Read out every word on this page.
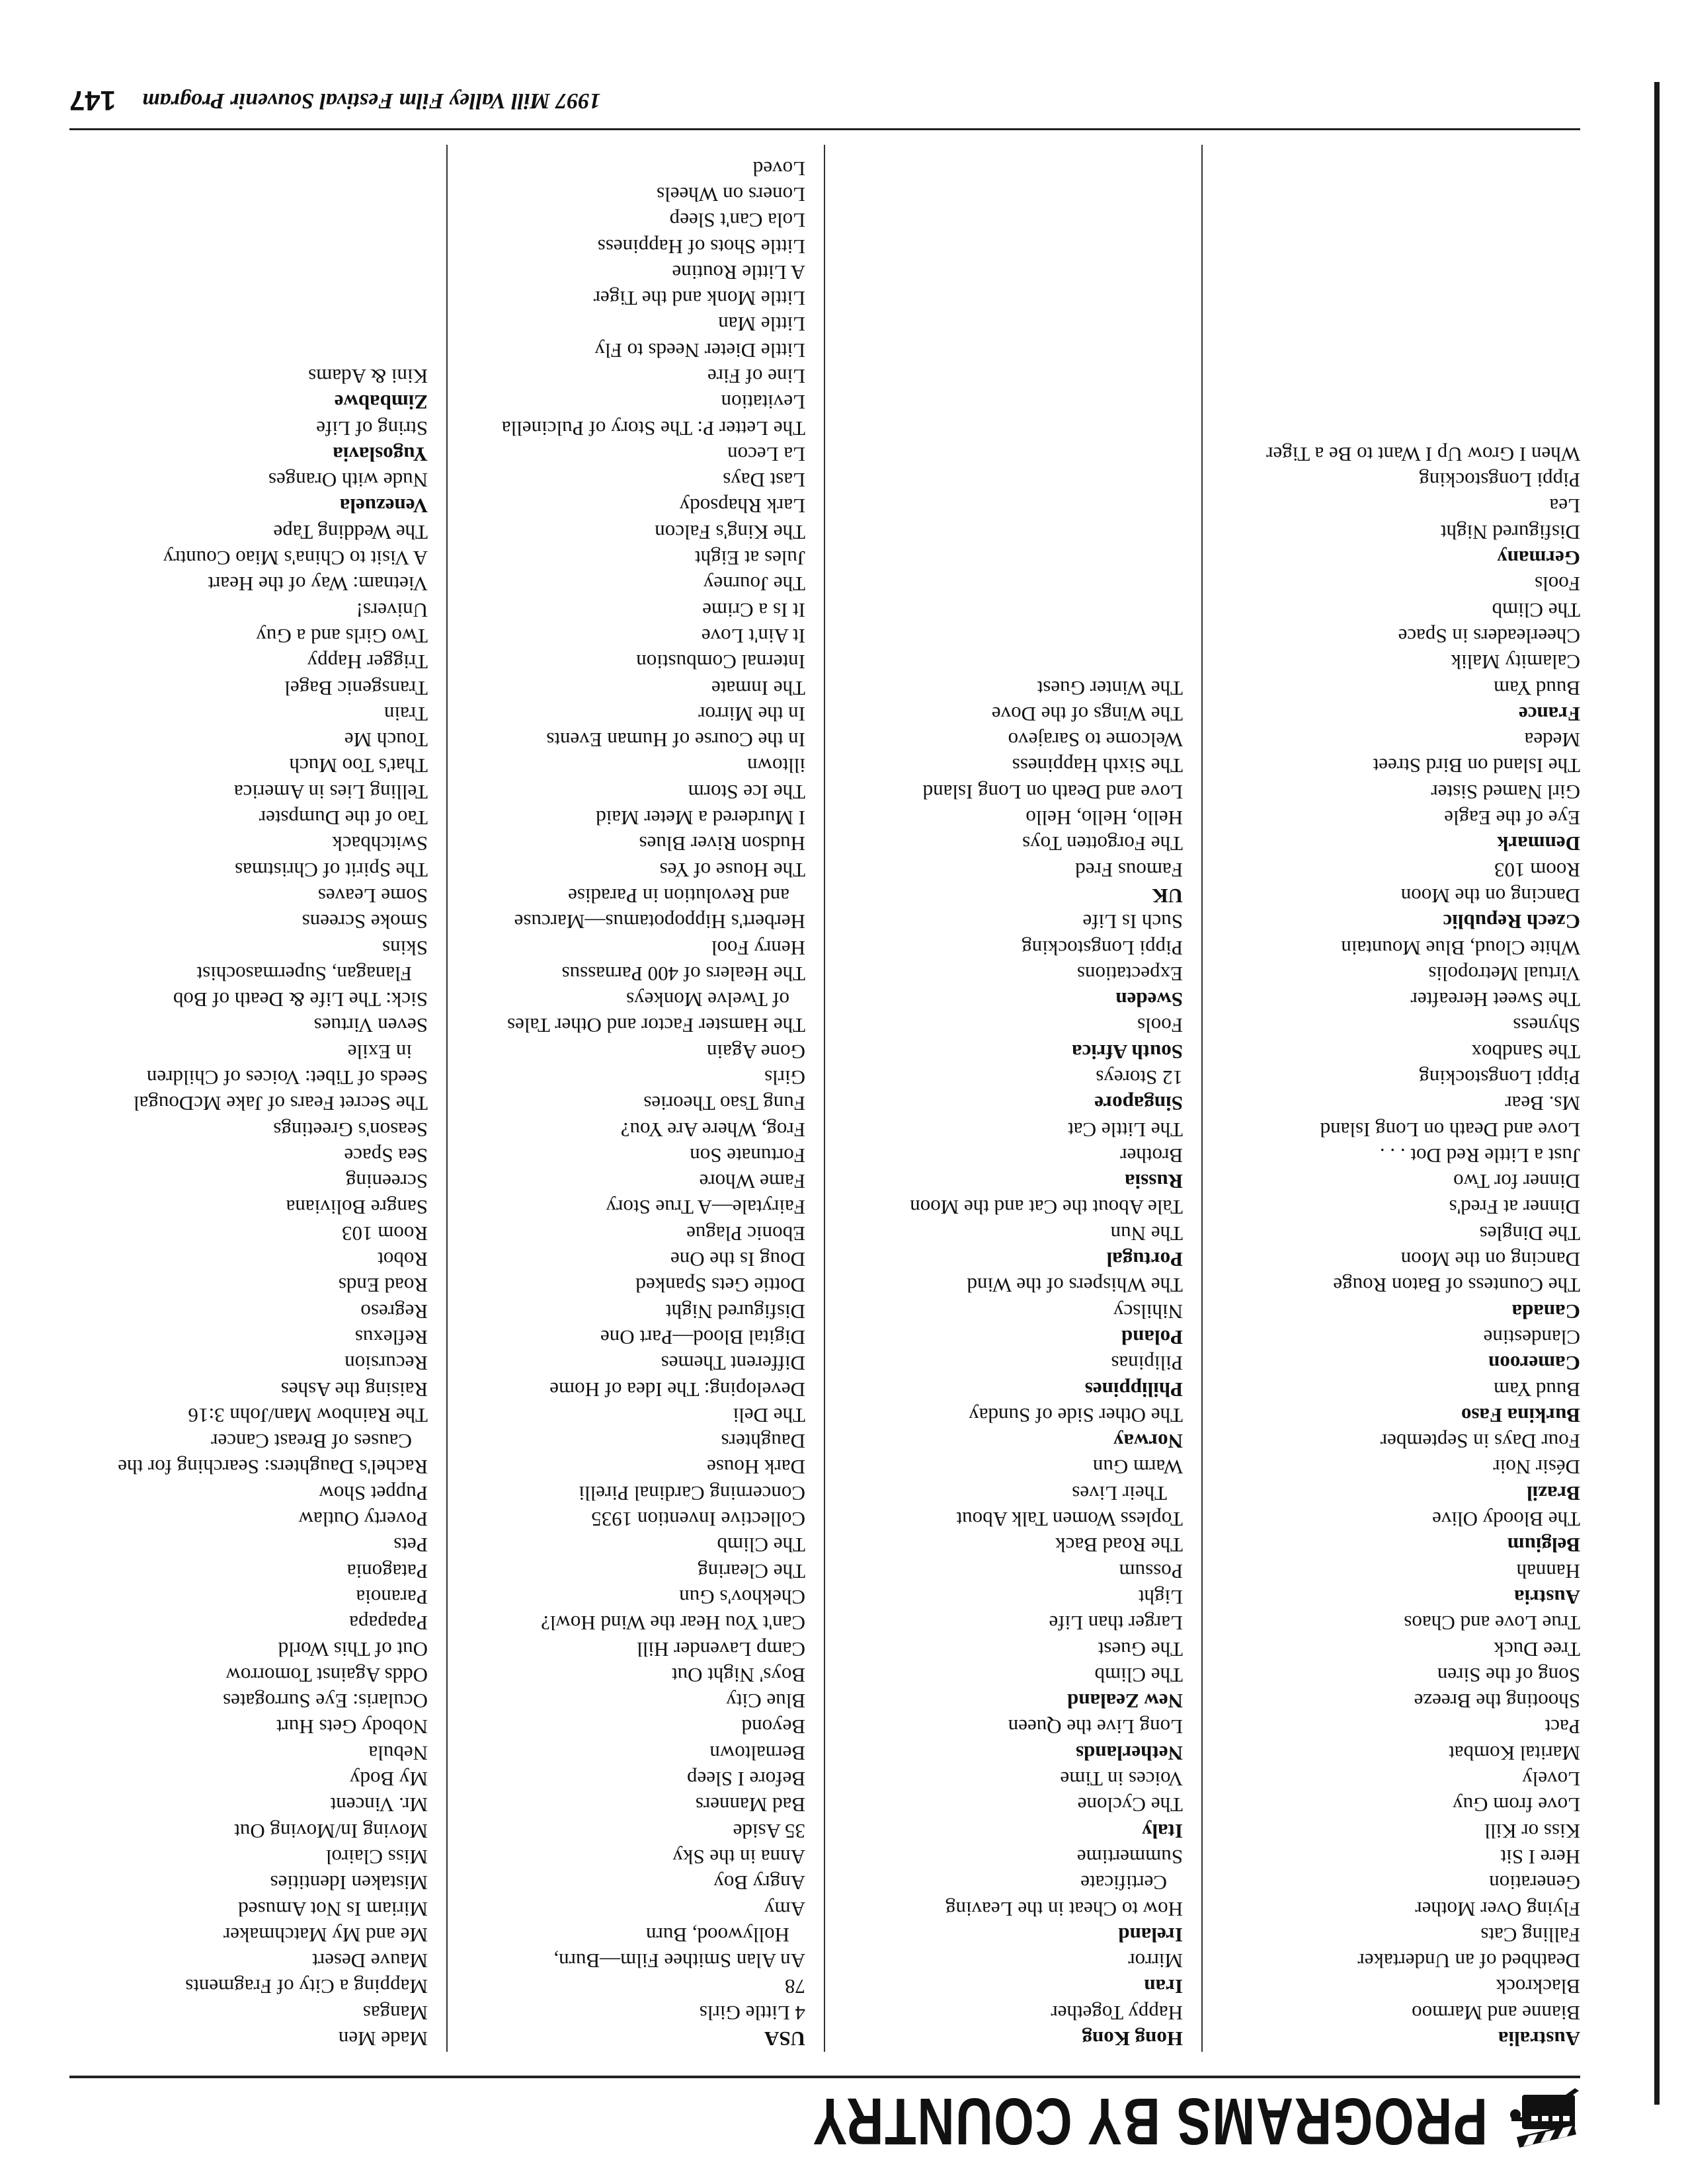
PROGRAMS BY COUNTRY
Australia
Bianne and Marmoo
Blackrock
Deathbed of an Undertaker
Falling Cats
Flying Over Mother
Generation
Here I Sit
Kiss or Kill
Love from Guy
Lovely
Marital Kombat
Pact
Shooting the Breeze
Song of the Siren
Tree Duck
True Love and Chaos
Austria
Hannah
Belgium
The Bloody Olive
Brazil
Désir Noir
Four Days in September
Burkina Faso
Buud Yam
Cameroon
Clandestine
Canada
The Countess of Baton Rouge
Dancing on the Moon
The Dingles
Dinner at Fred's
Dinner for Two
Just a Little Red Dot . . .
Love and Death on Long Island
Ms. Bear
Pippi Longstocking
The Sandbox
Shyness
The Sweet Hereafter
Virtual Metropolis
White Cloud, Blue Mountain
Czech Republic
Dancing on the Moon
Room 103
Denmark
Eye of the Eagle
Girl Named Sister
The Island on Bird Street
Medea
France
Buud Yam
Calamity Malik
Cheerleaders in Space
The Climb
Fools
Germany
Disfigured Night
Lea
Pippi Longstocking
When I Grow Up I Want to Be a Tiger
Hong Kong
Happy Together
Iran
Mirror
Ireland
How to Cheat in the Leaving
Certificate
Summertime
Italy
The Cyclone
Voices in Time
Netherlands
Long Live the Queen
New Zealand
The Climb
The Guest
Larger than Life
Light
Possum
The Road Back
Topless Women Talk About
Their Lives
Warm Gun
Norway
The Other Side of Sunday
Philippines
Pilipinas
Poland
Nihilscy
The Whispers of the Wind
Portugal
The Nun
Tale About the Cat and the Moon
Russia
Brother
The Little Cat
Singapore
12 Storeys
South Africa
Fools
Sweden
Expectations
Pippi Longstocking
Such Is Life
UK
Famous Fred
The Forgotten Toys
Hello, Hello, Hello
Love and Death on Long Island
The Sixth Happiness
Welcome to Sarajevo
The Wings of the Dove
The Winter Guest
USA
4 Little Girls
78
An Alan Smithee Film—Burn,
Hollywood, Burn
Amy
Angry Boy
Anna in the Sky
35 Aside
Bad Manners
Before I Sleep
Bernaltown
Beyond
Blue City
Boys' Night Out
Camp Lavender Hill
Can't You Hear the Wind Howl?
Chekhov's Gun
The Clearing
The Climb
Collective Invention 1935
Concerning Cardinal Pirelli
Dark House
Daughters
The Deli
Developing: The Idea of Home
Different Themes
Digital Blood—Part One
Disfigured Night
Dottie Gets Spanked
Doug Is the One
Ebonic Plague
Fairytale—A True Story
Fame Whore
Fortunate Son
Frog, Where Are You?
Fung Tsao Theories
Girls
Gone Again
The Hamster Factor and Other Tales
of Twelve Monkeys
The Healers of 400 Parnassus
Henry Fool
Herbert's Hippopotamus—Marcuse
and Revolution in Paradise
The House of Yes
Hudson River Blues
I Murdered a Meter Maid
The Ice Storm
illtown
In the Course of Human Events
In the Mirror
The Inmate
Internal Combustion
It Ain't Love
It Is a Crime
The Journey
Jules at Eight
The King's Falcon
Lark Rhapsody
Last Days
La Lecon
The Letter P: The Story of Pulcinella
Levitation
Line of Fire
Little Dieter Needs to Fly
Little Man
Little Monk and the Tiger
A Little Routine
Little Shots of Happiness
Lola Can't Sleep
Loners on Wheels
Loved
Made Men
Mangas
Mapping a City of Fragments
Mauve Desert
Me and My Matchmaker
Miriam Is Not Amused
Mistaken Identities
Miss Clairol
Moving In/Moving Out
Mr. Vincent
My Body
Nebula
Nobody Gets Hurt
Ocularis: Eye Surrogates
Odds Against Tomorrow
Out of This World
Papapapa
Paranoia
Patagonia
Pets
Poverty Outlaw
Puppet Show
Rachel's Daughters: Searching for the
Causes of Breast Cancer
The Rainbow Man/John 3:16
Raising the Ashes
Recursion
Reflexus
Regreso
Road Ends
Robot
Room 103
Sangre Boliviana
Screening
Sea Space
Season's Greetings
The Secret Fears of Jake McDougal
Seeds of Tibet: Voices of Children
in Exile
Seven Virtues
Sick: The Life & Death of Bob
Flanagan, Supermasochist
Skins
Smoke Screens
Some Leaves
The Spirit of Christmas
Switchback
Tao of the Dumpster
Telling Lies in America
That's Too Much
Touch Me
Train
Transgenic Bagel
Trigger Happy
Two Girls and a Guy
Univers!
Vietnam: Way of the Heart
A Visit to China's Miao Country
The Wedding Tape
Venezuela
Nude with Oranges
Yugoslavia
String of Life
Zimbabwe
Kini & Adams
1997 Mill Valley Film Festival Souvenir Program
147
